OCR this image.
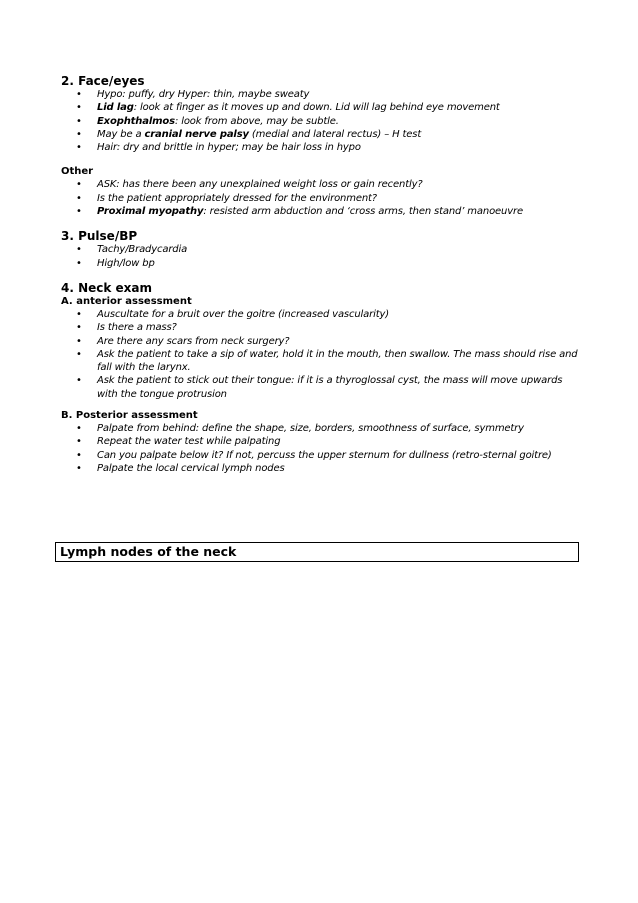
2. Face/eyes

• Hypo: puffy, dry Hyper: thin, maybe sweaty
• Lid lag: look at finger as it moves up and down. Lid will lag behind eye movement
• Exophthalmos: look from above, may be subtle.
• May be a cranial nerve palsy (medial and lateral rectus) – H test
• Hair: dry and brittle in hyper; may be hair loss in hypo

Other

• ASK: has there been any unexplained weight loss or gain recently?
• Is the patient appropriately dressed for the environment?
• Proximal myopathy: resisted arm abduction and ‘cross arms, then stand’ manoeuvre

3. Pulse/BP

• Tachy/Bradycardia
• High/low bp

4. Neck exam

A. anterior assessment

• Auscultate for a bruit over the goitre (increased vascularity)
• Is there a mass?
• Are there any scars from neck surgery?
• Ask the patient to take a sip of water, hold it in the mouth, then swallow. The mass should rise and fall with the larynx.
• Ask the patient to stick out their tongue: if it is a thyroglossal cyst, the mass will move upwards with the tongue protrusion

B. Posterior assessment

• Palpate from behind: define the shape, size, borders, smoothness of surface, symmetry
• Repeat the water test while palpating
• Can you palpate below it? If not, percuss the upper sternum for dullness (retro-sternal goitre)
• Palpate the local cervical lymph nodes
Lymph nodes of the neck
